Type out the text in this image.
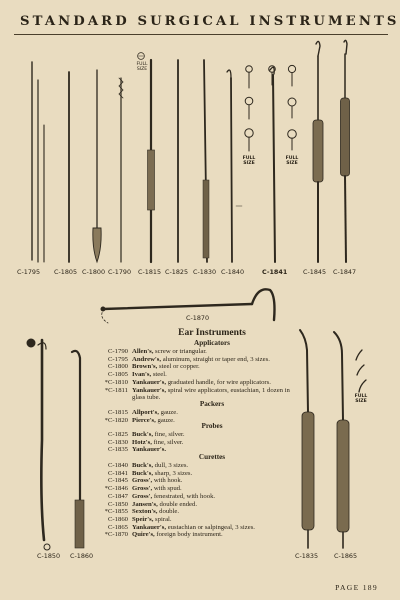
STANDARD SURGICAL INSTRUMENTS
FULL
SIZE
FULL SIZE
FULL SIZE
C-1795 C-1805 C-1800 C-1790 C-1815 C-1825 C-1830 C-1840	C-1841 C-1845 C-1847
C-1870
FULL SIZE
C-1850 C-1860	C-1835 C-1865
Ear Instruments
Applicators
C-1790 Allen's, screw or triangular.
C-1795 Andrew's, aluminum, straight or taper end, 3 sizes.
C-1800 Brown's, steel or copper.
C-1805 Ivan's, steel.
*C-1810 Yankauer's, graduated handle, for wire applicators.
*C-1811 Yankauer's, spiral wire applicators, eustachian, 1 dozen in glass tube.
Packers
C-1815 Allport's, gauze.
*C-1820 Pierce's, gauze.
Probes
C-1825 Buck's, fine, silver.
C-1830 Hotz's, fine, silver.
C-1835 Yankauer's.
Curettes
C-1840 Buck's, dull, 3 sizes.
C-1841 Buck's, sharp, 3 sizes.
C-1845 Gross', with hook.
*C-1846 Gross', with spud.
C-1847 Gross', fenestrated, with hook.
C-1850 Jansen's, double ended.
*C-1855 Sexton's, double.
C-1860 Speir's, spiral.
C-1865 Yankauer's, eustachian or salpingeal, 3 sizes.
*C-1870 Quire's, foreign body instrument.
PAGE 189
